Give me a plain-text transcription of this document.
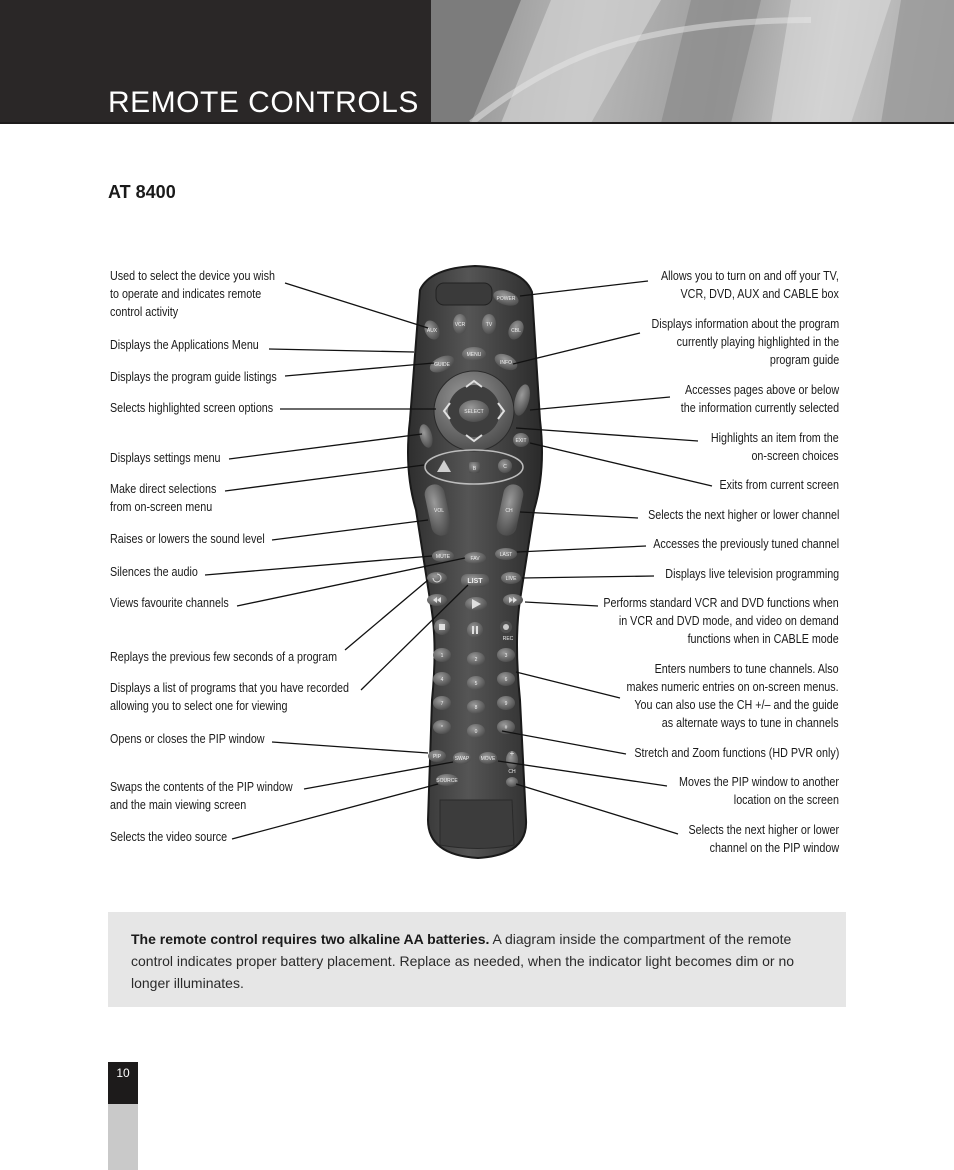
REMOTE CONTROLS
AT 8400
POWER
AUX
VCR	TV
CBL
GUIDE
MENU
INFO
SELECT
EXIT
B	C
VOL	CH
MUTE	FAV
LAST
LIST	LIVE
REC
1
2
3
4
5
6
7
8
9
*
0
#
PIP	SWAP MOVE
+
CH
SOURCE
Used to select the device you wish
to operate and indicates remote
control activity
Displays the Applications Menu
Displays the program guide listings
Selects highlighted screen options
Displays settings menu
Make direct selections
from on-screen menu
Raises or lowers the sound level
Silences the audio
Views favourite channels
Replays the previous few seconds of a program
Displays a list of programs that you have recorded
allowing you to select one for viewing
Opens or closes the PIP window
Swaps the contents of the PIP window
and the main viewing screen
Selects the video source
Allows you to turn on and off your TV,
VCR, DVD, AUX and CABLE box
Displays information about the program
currently playing highlighted in the
program guide
Accesses pages above or below
the information currently selected
Highlights an item from the
on-screen choices
Exits from current screen
Selects the next higher or lower channel
Accesses the previously tuned channel
Displays live television programming
Performs standard VCR and DVD functions when
in VCR and DVD mode, and video on demand
functions when in CABLE mode
Enters numbers to tune channels. Also
makes numeric entries on on-screen menus.
You can also use the CH +/– and the guide
as alternate ways to tune in channels
Stretch and Zoom functions (HD PVR only)
Moves the PIP window to another
location on the screen
Selects the next higher or lower
channel on the PIP window
The remote control requires two alkaline AA batteries. A diagram inside the compartment of the remote control indicates proper battery placement. Replace as needed, when the indicator light becomes dim or no longer illuminates.
10
